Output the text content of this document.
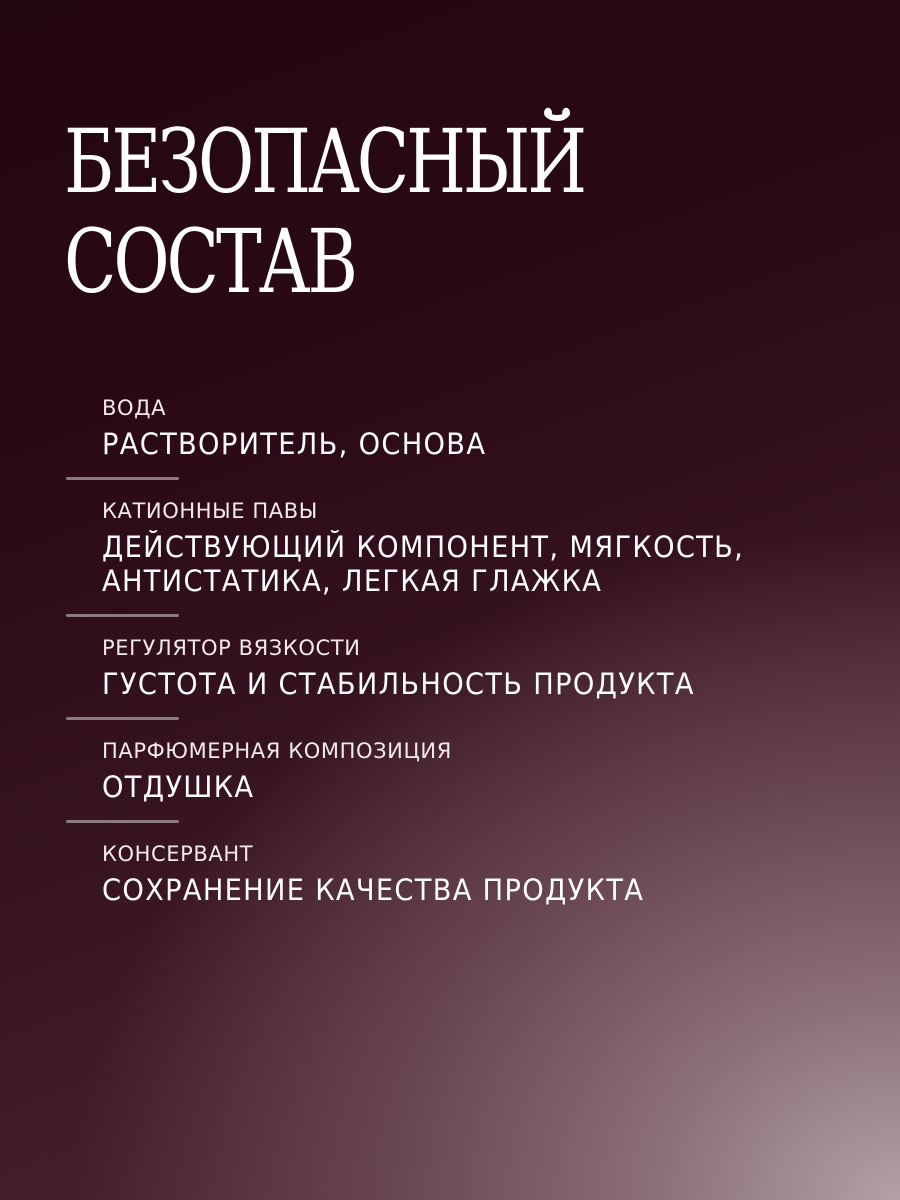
БЕЗОПАСНЫЙ
СОСТАВ
ВОДА
РАСТВОРИТЕЛЬ, ОСНОВА
КАТИОННЫЕ ПАВЫ
ДЕЙСТВУЮЩИЙ КОМПОНЕНТ, МЯГКОСТЬ,
АНТИСТАТИКА, ЛЕГКАЯ ГЛАЖКА
РЕГУЛЯТОР ВЯЗКОСТИ
ГУСТОТА И СТАБИЛЬНОСТЬ ПРОДУКТА
ПАРФЮМЕРНАЯ КОМПОЗИЦИЯ
ОТДУШКА
КОНСЕРВАНТ
СОХРАНЕНИЕ КАЧЕСТВА ПРОДУКТА
